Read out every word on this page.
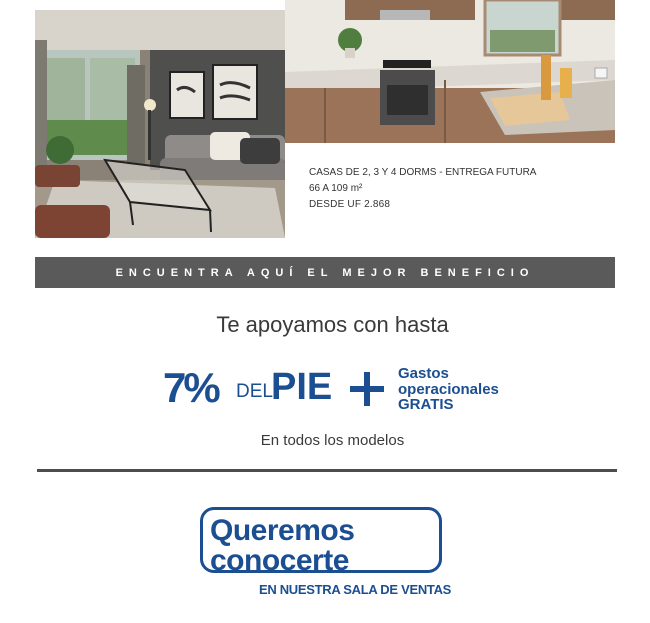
CASAS DE 2, 3 Y 4 DORMS - ENTREGA FUTURA
66 A 109 m²
DESDE UF 2.868
ENCUENTRA AQUÍ EL MEJOR BENEFICIO
Te apoyamos con hasta
7% DEL
PIE	Gastos
operacionales
GRATIS
En todos los modelos
Queremos
conocerte
EN NUESTRA SALA DE VENTAS
